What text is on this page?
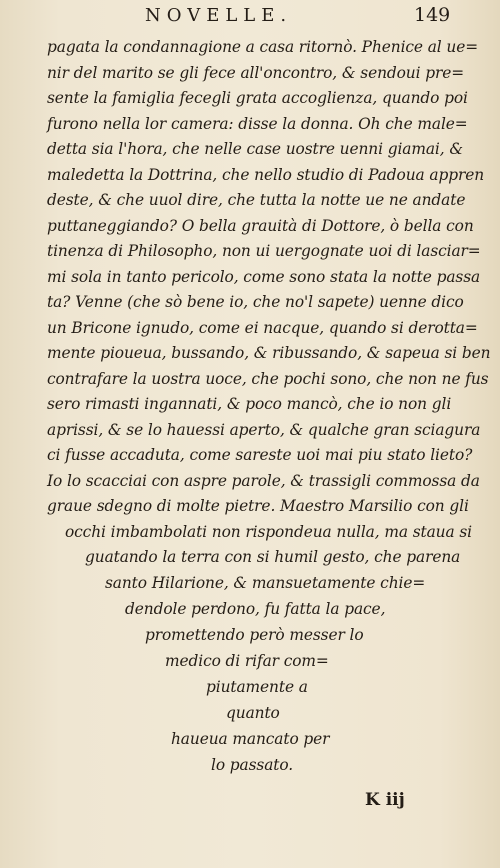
NOVELLE.	149
pagata la condannagione a casa ritornò. Phenice al ue=
nir del marito se gli fece all'oncontro, & sendoui pre=
sente la famiglia fecegli grata accoglienza, quando poi
furono nella lor camera: disse la donna. Oh che male=
detta sia l'hora, che nelle case uostre uenni giamai, &
maledetta la Dottrina, che nello studio di Padoua appren
deste, & che uuol dire, che tutta la notte ue ne andate
puttaneggiando? O bella grauità di Dottore, ò bella con
tinenza di Philosopho, non ui uergognate uoi di lasciar=
mi sola in tanto pericolo, come sono stata la notte passa
ta? Venne (che sò bene io, che no'l sapete) uenne dico
un Bricone ignudo, come ei nacque, quando si derotta=
mente pioueua, bussando, & ribussando, & sapeua si ben
contrafare la uostra uoce, che pochi sono, che non ne fus
sero rimasti ingannati, & poco mancò, che io non gli
aprissi, & se lo hauessi aperto, & qualche gran sciagura
ci fusse accaduta, come sareste uoi mai piu stato lieto?
Io lo scacciai con aspre parole, & trassigli commossa da
graue sdegno di molte pietre. Maestro Marsilio con gli
occhi imbambolati non rispondeua nulla, ma staua si
guatando la terra con si humil gesto, che parena
santo Hilarione, & mansuetamente chie=
dendole perdono, fu fatta la pace,
promettendo però messer lo
medico di rifar com=
piutamente a
quanto
haueua mancato per
lo passato.
K iij
